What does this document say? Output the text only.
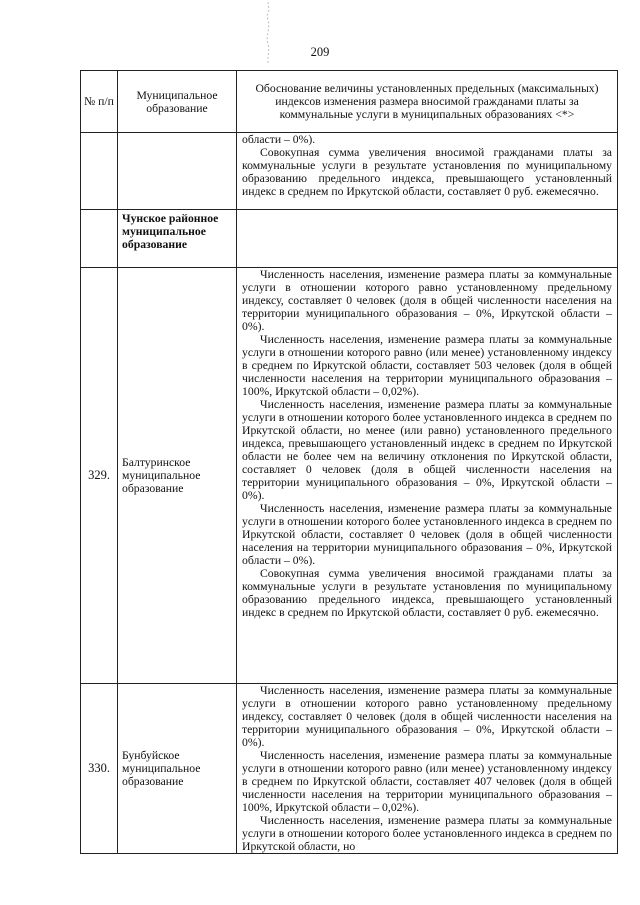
209
№ п/п	Муниципальное образование	Обоснование величины установленных предельных (максимальных) индексов изменения размера вносимой гражданами платы за коммунальные услуги в муниципальных образованиях <*>

		области – 0%).

Совокупная сумма увеличения вносимой гражданами платы за коммунальные услуги в результате установления по муниципальному образованию предельного индекса, превышающего установленный индекс в среднем по Иркутской области, составляет 0 руб. ежемесячно.

	Чунское районное муниципальное образование	
329.	Балтуринское муниципальное образование	Численность населения, изменение размера платы за коммунальные услуги в отношении которого равно установленному предельному индексу, составляет 0 человек (доля в общей численности населения на территории муниципального образования – 0%, Иркутской области – 0%).

Численность населения, изменение размера платы за коммунальные услуги в отношении которого равно (или менее) установленному индексу в среднем по Иркутской области, составляет 503 человек (доля в общей численности населения на территории муниципального образования – 100%, Иркутской области – 0,02%).

Численность населения, изменение размера платы за коммунальные услуги в отношении которого более установленного индекса в среднем по Иркутской области, но менее (или равно) установленного предельного индекса, превышающего установленный индекс в среднем по Иркутской области не более чем на величину отклонения по Иркутской области, составляет 0 человек (доля в общей численности населения на территории муниципального образования – 0%, Иркутской области – 0%).

Численность населения, изменение размера платы за коммунальные услуги в отношении которого более установленного индекса в среднем по Иркутской области, составляет 0 человек (доля в общей численности населения на территории муниципального образования – 0%, Иркутской области – 0%).

Совокупная сумма увеличения вносимой гражданами платы за коммунальные услуги в результате установления по муниципальному образованию предельного индекса, превышающего установленный индекс в среднем по Иркутской области, составляет 0 руб. ежемесячно.

330.	Бунбуйское муниципальное образование	Численность населения, изменение размера платы за коммунальные услуги в отношении которого равно установленному предельному индексу, составляет 0 человек (доля в общей численности населения на территории муниципального образования – 0%, Иркутской области – 0%).

Численность населения, изменение размера платы за коммунальные услуги в отношении которого равно (или менее) установленному индексу в среднем по Иркутской области, составляет 407 человек (доля в общей численности населения на территории муниципального образования – 100%, Иркутской области – 0,02%).

Численность населения, изменение размера платы за коммунальные услуги в отношении которого более установленного индекса в среднем по Иркутской области, но
